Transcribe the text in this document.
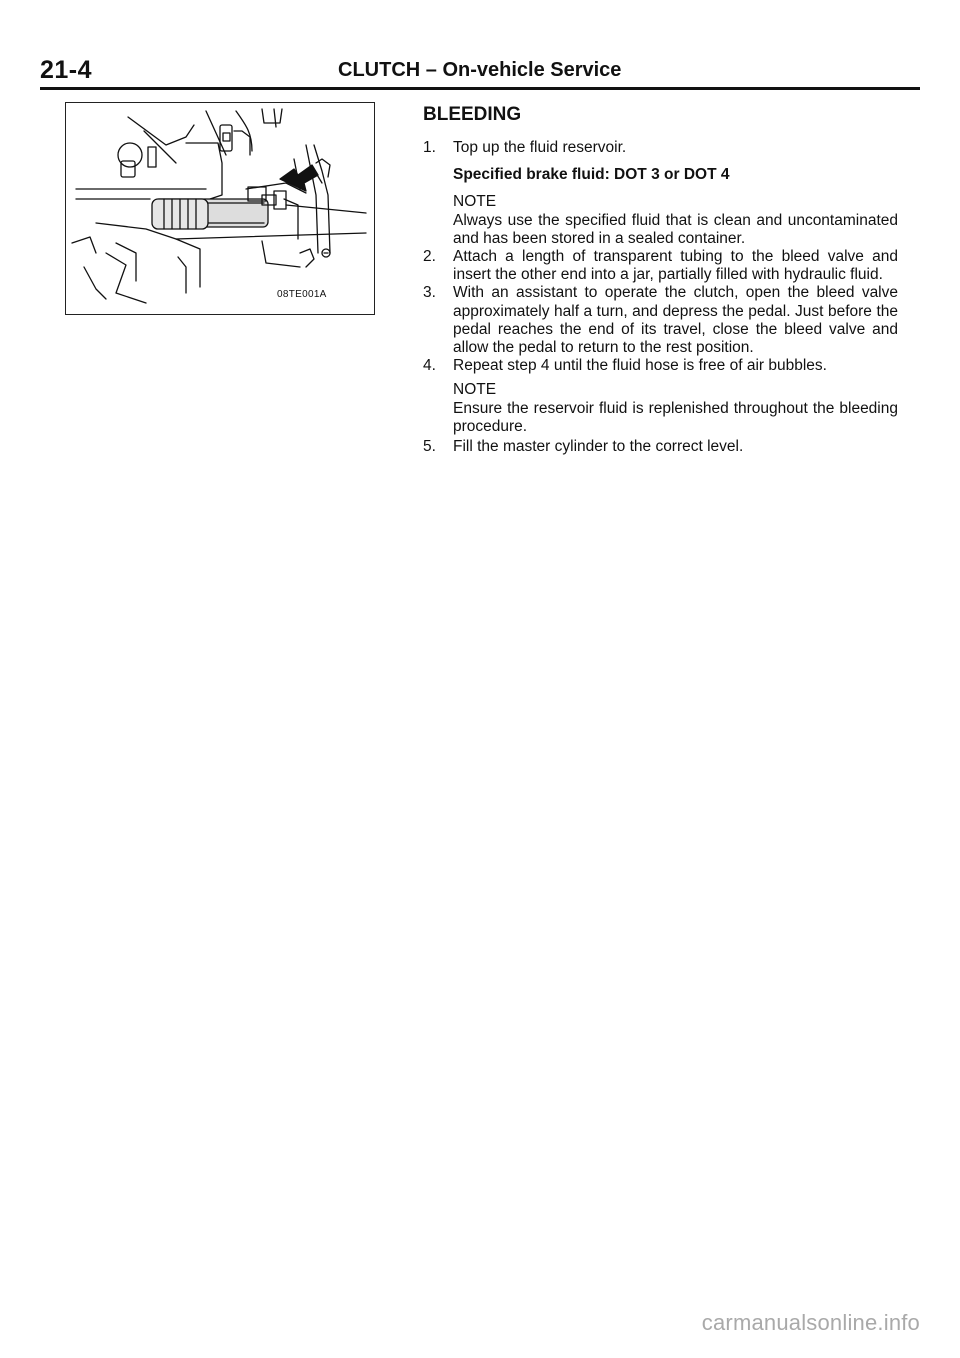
21-4	CLUTCH – On-vehicle Service
08TE001A
BLEEDING
1.	Top up the fluid reservoir.
Specified brake fluid: DOT 3 or DOT 4
NOTE
Always use the specified fluid that is clean and uncontaminated and has been stored in a sealed container.
2.	Attach a length of transparent tubing to the bleed valve and insert the other end into a jar, partially filled with hydraulic fluid.
3.	With an assistant to operate the clutch, open the bleed valve approximately half a turn, and depress the pedal. Just before the pedal reaches the end of its travel, close the bleed valve and allow the pedal to return to the rest position.
4.	Repeat step 4 until the fluid hose is free of air bubbles.
NOTE
Ensure the reservoir fluid is replenished throughout the bleeding procedure.
5.	Fill the master cylinder to the correct level.
carmanualsonline.info
